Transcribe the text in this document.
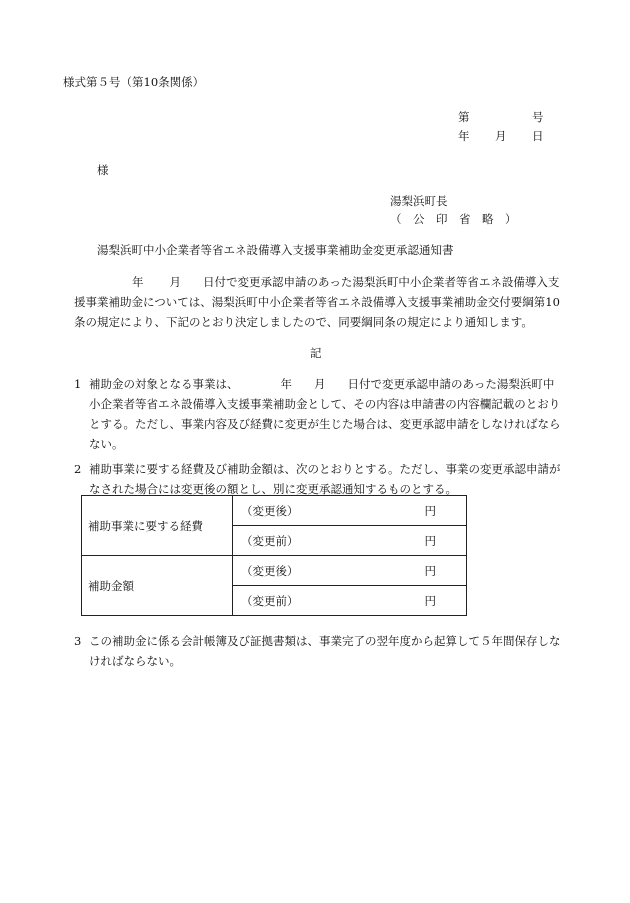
様式第５号（第10条関係）
第	号
年 月 日
様
湯梨浜町長
（　公　印　省　略　）
湯梨浜町中小企業者等省エネ設備導入支援事業補助金変更承認通知書
年 月 日付で変更承認申請のあった湯梨浜町中小企業者等省エネ設備導入支
援事業補助金については、湯梨浜町中小企業者等省エネ設備導入支援事業補助金交付要綱第10
条の規定により、下記のとおり決定しましたので、同要綱同条の規定により通知します。
記
1 補助金の対象となる事業は、	年 月 日付で変更承認申請のあった湯梨浜町中
小企業者等省エネ設備導入支援事業補助金として、その内容は申請書の内容欄記載のとおり
とする。ただし、事業内容及び経費に変更が生じた場合は、変更承認申請をしなければなら
ない。
2 補助事業に要する経費及び補助金額は、次のとおりとする。ただし、事業の変更承認申請が
なされた場合には変更後の額とし、別に変更承認通知するものとする。
補助事業に要する経費	（変更後） 円

	（変更前） 円

補助金額	（変更後） 円

	（変更前） 円
3 この補助金に係る会計帳簿及び証拠書類は、事業完了の翌年度から起算して５年間保存しな
ければならない。
